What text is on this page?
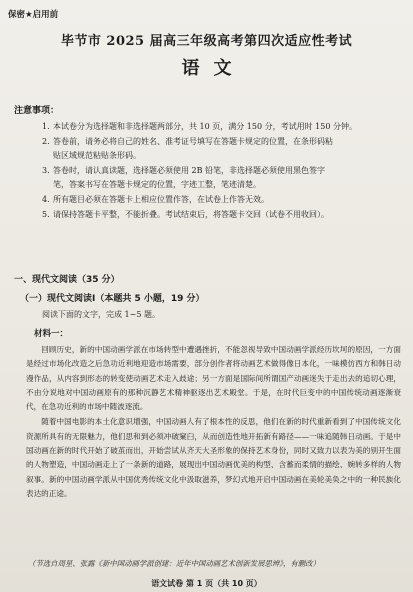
保密★启用前
毕节市 2025 届高三年级高考第四次适应性考试
语文
注意事项：
1. 本试卷分为选择题和非选择题两部分，共 10 页，满分 150 分，考试用时 150 分钟。
2. 答卷前，请务必将自己的姓名、准考证号填写在答题卡规定的位置，在条形码粘
贴区域规范粘贴条形码。
3. 答卷时，请认真读题，选择题必须使用 2B 铅笔，非选择题必须使用黑色签字
笔，答案书写在答题卡规定的位置，字迹工整，笔迹清楚。
4. 所有题目必须在答题卡上相应位置作答，在试卷上作答无效。
5. 请保持答题卡平整，不能折叠。考试结束后，将答题卡交回（试卷不用收回）。
一、现代文阅读（35 分）
（一）现代文阅读Ⅰ（本题共 5 小题，19 分）
阅读下面的文字，完成 1~5 题。
材料一：

回顾历史，新的中国动画学派在市场转型中遭遇挫折，不能忽视导致中国动画学派经历坎坷的原因，一方面是经过市场化改造之后急功近利地迎造市场需要，部分创作者将动画艺术做得像日本化，一味模仿西方和韩日动漫作品，从内容到形态的转变使动画艺术走入歧途；另一方面是国际间所谓国产动画迷失于走出去的追切心理，不由分说地对中国动画原有的那种沉静艺术精神驱逐出艺术殿堂。于是，在时代巨变中的中国传统动画逐渐衰代，在急功近利的市场中随波逐流。

随着中国电影的本土化意识增强，中国动画人有了根本性的反思，他们在新的时代重新看到了中国传统文化资源所具有的无限魅力，他们思和到必须冲破窠臼，从而创造性地开拓新有路径——一味追随韩日动画。于是中国动画在新的时代开始了破茧而出，开始尝试从齐天大圣形象的保持艺术身份，同时又致力以表为美的别开生面的人物塑造，中国动画走上了一条新的道路，展现出中国动画优美的构型、含蓄而柔情的描绘、婉转多样的人物叙事。新的中国动画学派从中国优秀传统文化中汲取滋养，梦幻式地开启中国动画在美轮美奂之中的一种民族化表达的正途。

（节选自周星、张露《新中国动画学派创建：近年中国动画艺术创新发展思辨》，有删改）
语文试卷 第 1 页（共 10 页）
